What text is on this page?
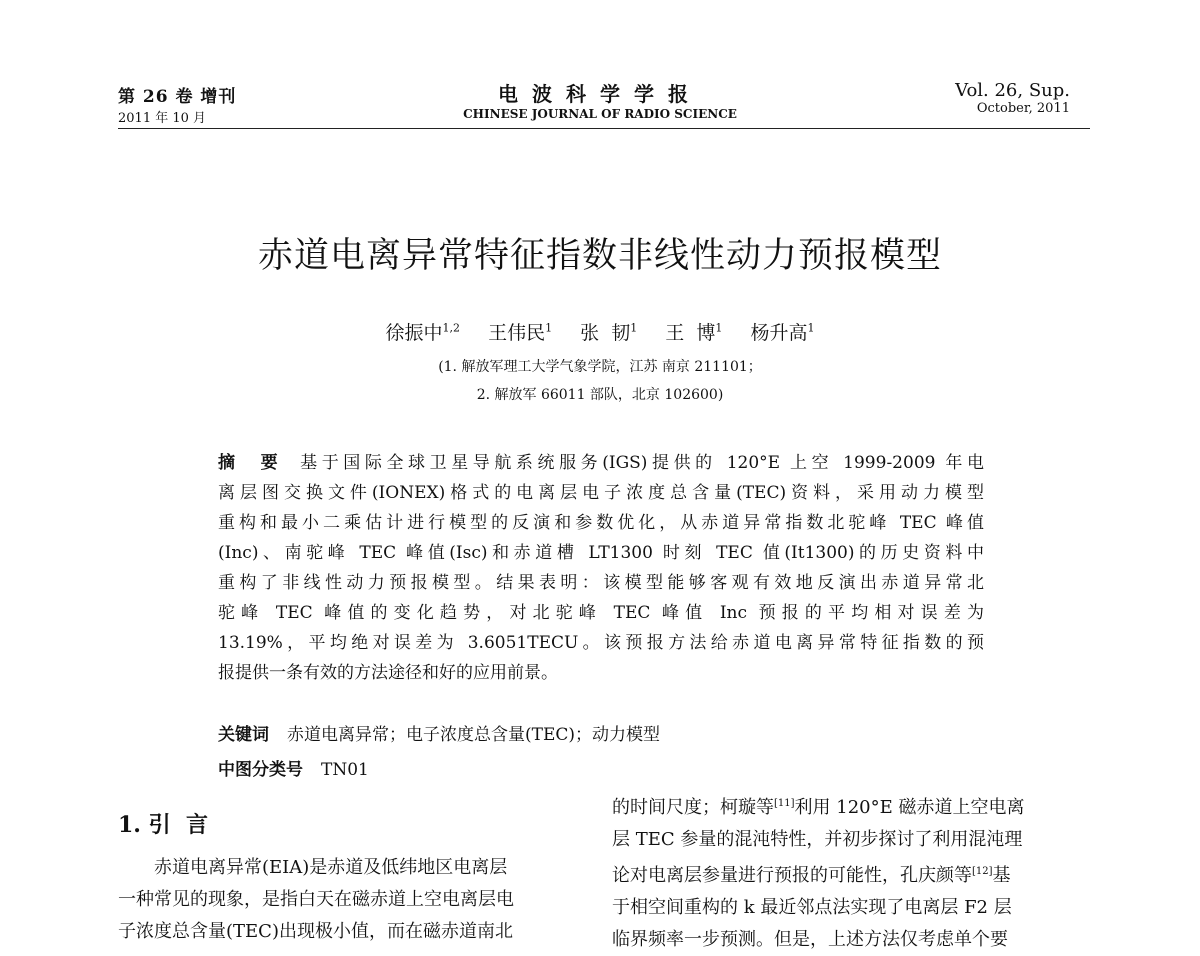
第 26 卷 增刊
2011 年 10 月
电波科学学报
CHINESE JOURNAL OF RADIO SCIENCE
Vol. 26, Sup.
October, 2011
赤道电离异常特征指数非线性动力预报模型
徐振中$^{1,2}$ 王伟民$^1$ 张  韧$^1$ 王  博$^1$ 杨升高$^1$
(1. 解放军理工大学气象学院，江苏 南京 211101；
2. 解放军 66011 部队，北京 102600)
摘  要 基于国际全球卫星导航系统服务(IGS)提供的 120°E 上空 1999-2009 年电
离层图交换文件(IONEX)格式的电离层电子浓度总含量(TEC)资料，采用动力模型
重构和最小二乘估计进行模型的反演和参数优化，从赤道异常指数北驼峰 TEC 峰值
(Inc)、南驼峰 TEC 峰值(Isc)和赤道槽 LT1300 时刻 TEC 值(It1300)的历史资料中
重构了非线性动力预报模型。结果表明：该模型能够客观有效地反演出赤道异常北
驼峰 TEC 峰值的变化趋势，对北驼峰 TEC 峰值 Inc 预报的平均相对误差为
13.19%，平均绝对误差为 3.6051TECU。该预报方法给赤道电离异常特征指数的预
报提供一条有效的方法途径和好的应用前景。
关键词 赤道电离异常；电子浓度总含量(TEC)；动力模型
中图分类号 TN01
1. 引  言
赤道电离异常(EIA)是赤道及低纬地区电离层
一种常见的现象，是指白天在磁赤道上空电离层电
子浓度总含量(TEC)出现极小值，而在磁赤道南北
的时间尺度；柯璇等[11]利用 120°E 磁赤道上空电离
层 TEC 参量的混沌特性，并初步探讨了利用混沌理
论对电离层参量进行预报的可能性，孔庆颜等[12]基
于相空间重构的 k 最近邻点法实现了电离层 F2 层
临界频率一步预测。但是，上述方法仅考虑单个要
